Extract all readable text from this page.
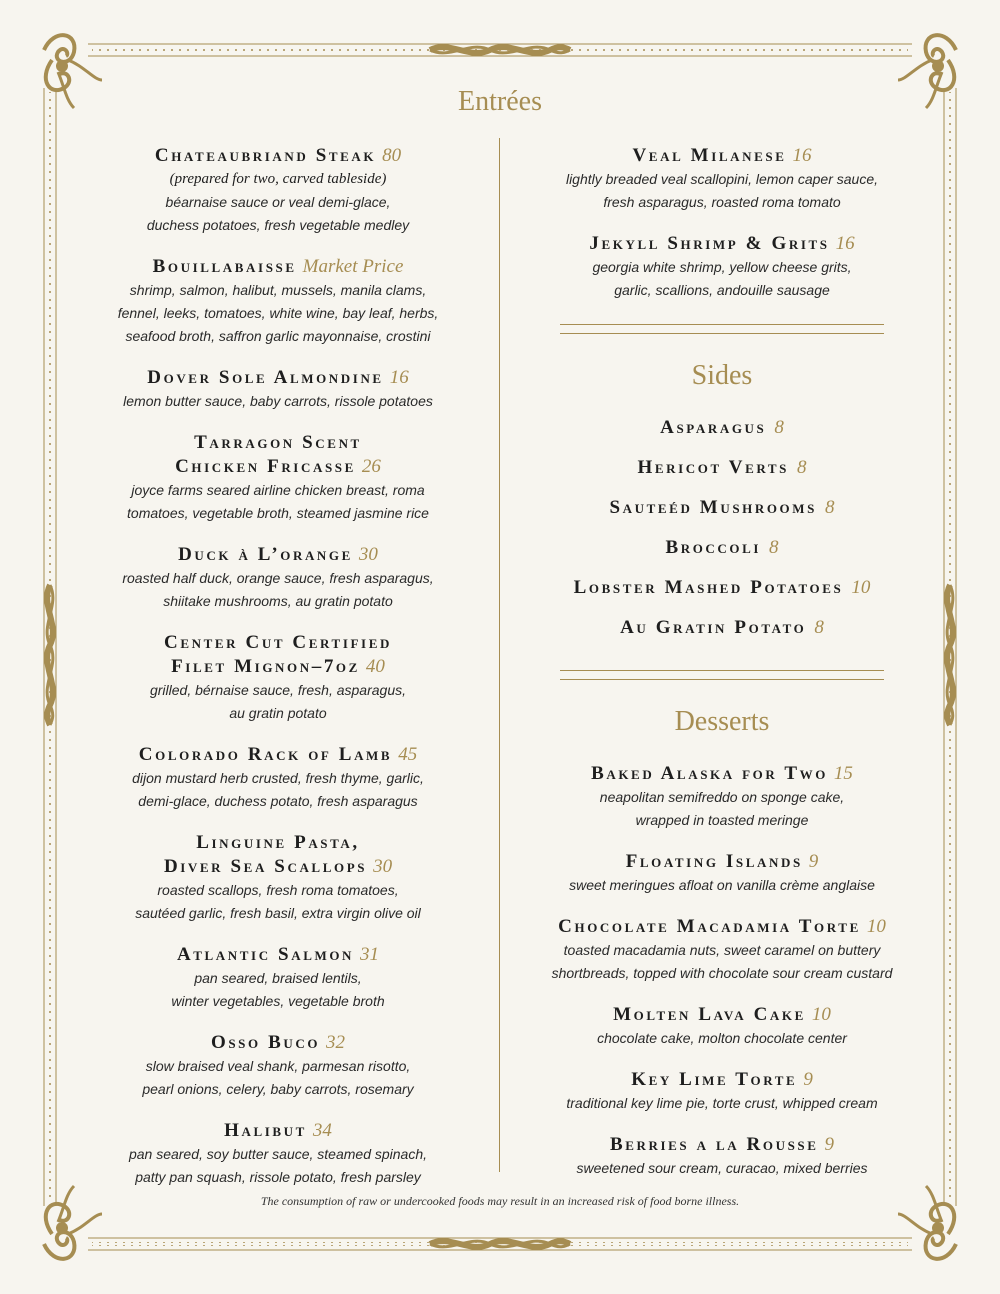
Entrées
Chateaubriand Steak 80
(prepared for two, carved tableside)
béarnaise sauce or veal demi-glace,
duchess potatoes, fresh vegetable medley
Bouillabaisse Market Price
shrimp, salmon, halibut, mussels, manila clams,
fennel, leeks, tomatoes, white wine, bay leaf, herbs,
seafood broth, saffron garlic mayonnaise, crostini
Dover Sole Almondine 16
lemon butter sauce, baby carrots, rissole potatoes
Tarragon Scent
Chicken Fricasse 26
joyce farms seared airline chicken breast, roma
tomatoes, vegetable broth, steamed jasmine rice
Duck à L’orange 30
roasted half duck, orange sauce, fresh asparagus,
shiitake mushrooms, au gratin potato
Center Cut Certified
Filet Mignon–7oz 40
grilled, bérnaise sauce, fresh, asparagus,
au gratin potato
Colorado Rack of Lamb 45
dijon mustard herb crusted, fresh thyme, garlic,
demi-glace, duchess potato, fresh asparagus
Linguine Pasta,
Diver Sea Scallops 30
roasted scallops, fresh roma tomatoes,
sautéed garlic, fresh basil, extra virgin olive oil
Atlantic Salmon 31
pan seared, braised lentils,
winter vegetables, vegetable broth
Osso Buco 32
slow braised veal shank, parmesan risotto,
pearl onions, celery, baby carrots, rosemary
Halibut 34
pan seared, soy butter sauce, steamed spinach,
patty pan squash, rissole potato, fresh parsley
Veal Milanese 16
lightly breaded veal scallopini, lemon caper sauce,
fresh asparagus, roasted roma tomato
Jekyll Shrimp & Grits 16
georgia white shrimp, yellow cheese grits,
garlic, scallions, andouille sausage
Sides
Asparagus 8
Hericot Verts 8
Sauteéd Mushrooms 8
Broccoli 8
Lobster Mashed Potatoes 10
Au Gratin Potato 8
Desserts
Baked Alaska for Two 15
neapolitan semifreddo on sponge cake,
wrapped in toasted meringe
Floating Islands 9
sweet meringues afloat on vanilla crème anglaise
Chocolate Macadamia Torte 10
toasted macadamia nuts, sweet caramel on buttery
shortbreads, topped with chocolate sour cream custard
Molten Lava Cake 10
chocolate cake, molton chocolate center
Key Lime Torte 9
traditional key lime pie, torte crust, whipped cream
Berries a la Rousse 9
sweetened sour cream, curacao, mixed berries
The consumption of raw or undercooked foods may result in an increased risk of food borne illness.
